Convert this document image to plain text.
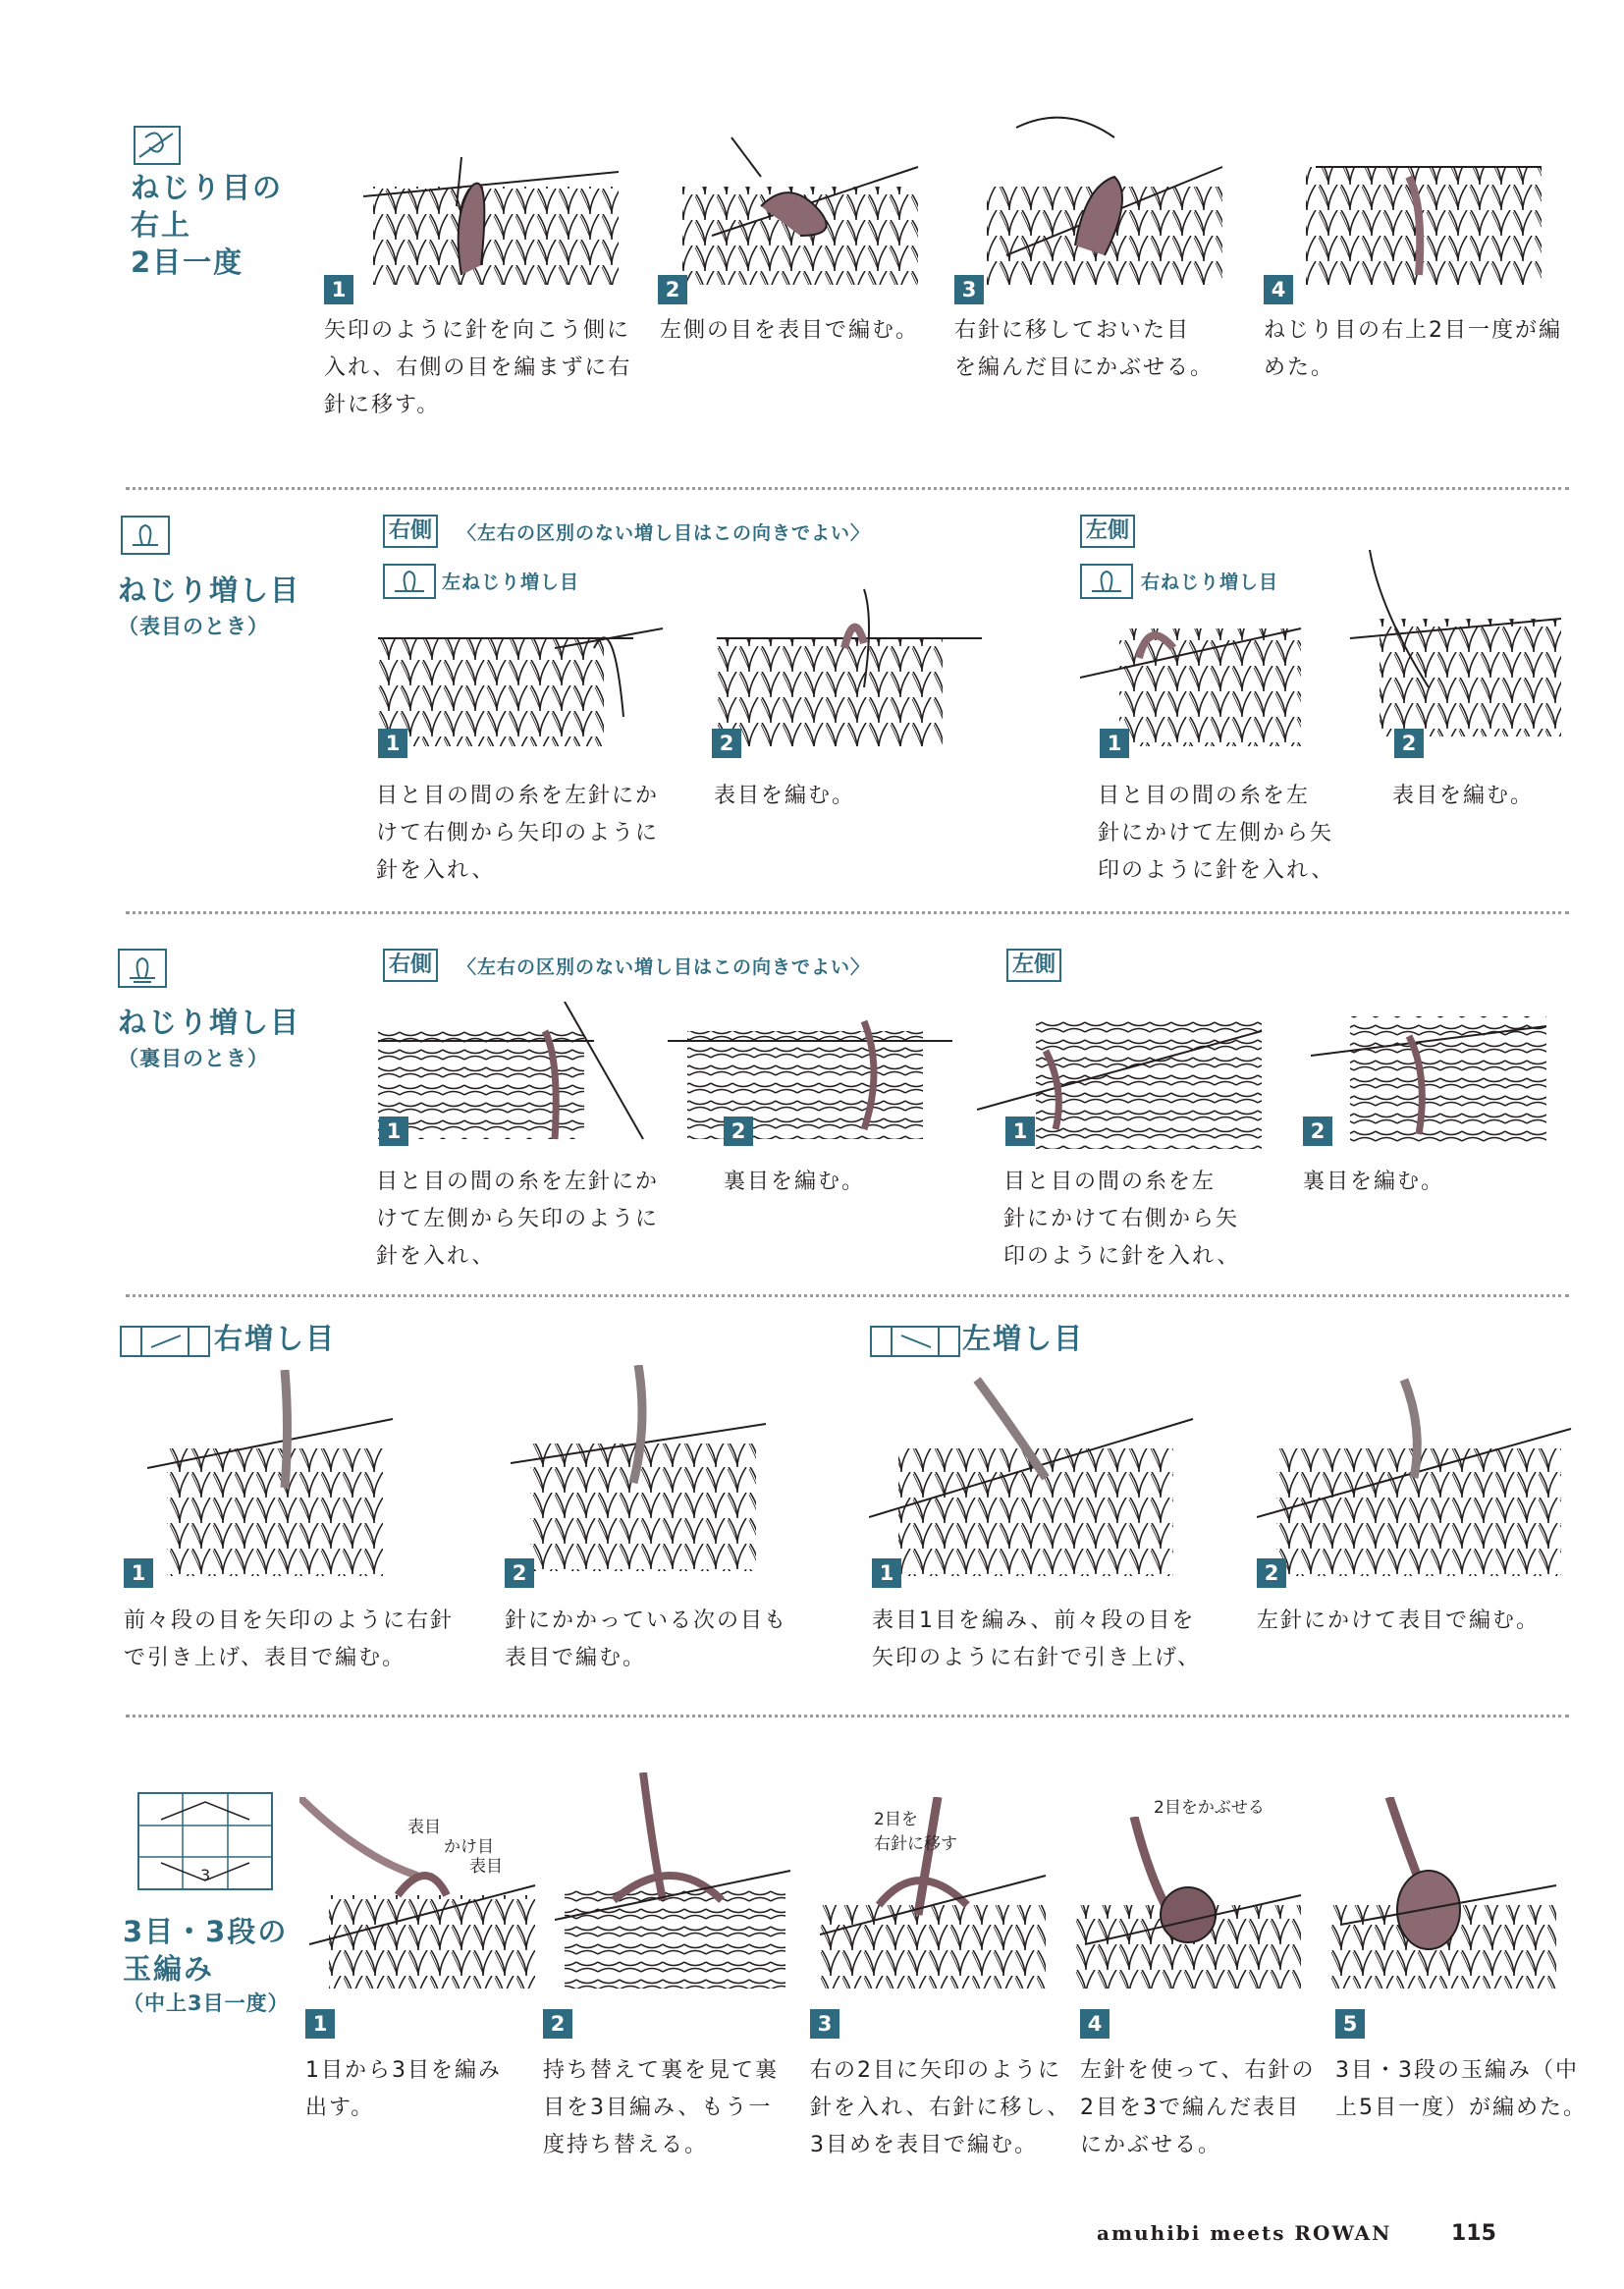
ねじり目の
右上
2目一度
1	2	3	4
矢印のように針を向こう側に
入れ、右側の目を編まずに右
針に移す。
左側の目を表目で編む。 右針に移しておいた目
を編んだ目にかぶせる。
ねじり目の右上2目一度が編
めた。
ねじり増し目
（表目のとき）
右側	〈左右の区別のない増し目はこの向きでよい〉
左ねじり増し目
左側
右ねじり増し目
1	2	1	2
目と目の間の糸を左針にか
けて右側から矢印のように
針を入れ、
表目を編む。	目と目の間の糸を左
針にかけて左側から矢
印のように針を入れ、
表目を編む。
ねじり増し目
（裏目のとき）
右側	〈左右の区別のない増し目はこの向きでよい〉	左側
1	2	1	2
目と目の間の糸を左針にか
けて左側から矢印のように
針を入れ、
裏目を編む。	目と目の間の糸を左
針にかけて右側から矢
印のように針を入れ、
裏目を編む。
右増し目	左増し目
1	2	1	2
前々段の目を矢印のように右針
で引き上げ、表目で編む。
針にかかっている次の目も
表目で編む。
表目1目を編み、前々段の目を
矢印のように右針で引き上げ、
左針にかけて表目で編む。
3
3目・3段の
玉編み
（中上3目一度）
表目
かけ目
表目
2目を
右針に移す
2目をかぶせる
1	2	3	4	5
1目から3目を編み
出す。
持ち替えて裏を見て裏
目を3目編み、もう一
度持ち替える。
右の2目に矢印のように
針を入れ、右針に移し、
3目めを表目で編む。
左針を使って、右針の
2目を3で編んだ表目
にかぶせる。
3目・3段の玉編み（中
上5目一度）が編めた。
amuhibi meets ROWAN	115
